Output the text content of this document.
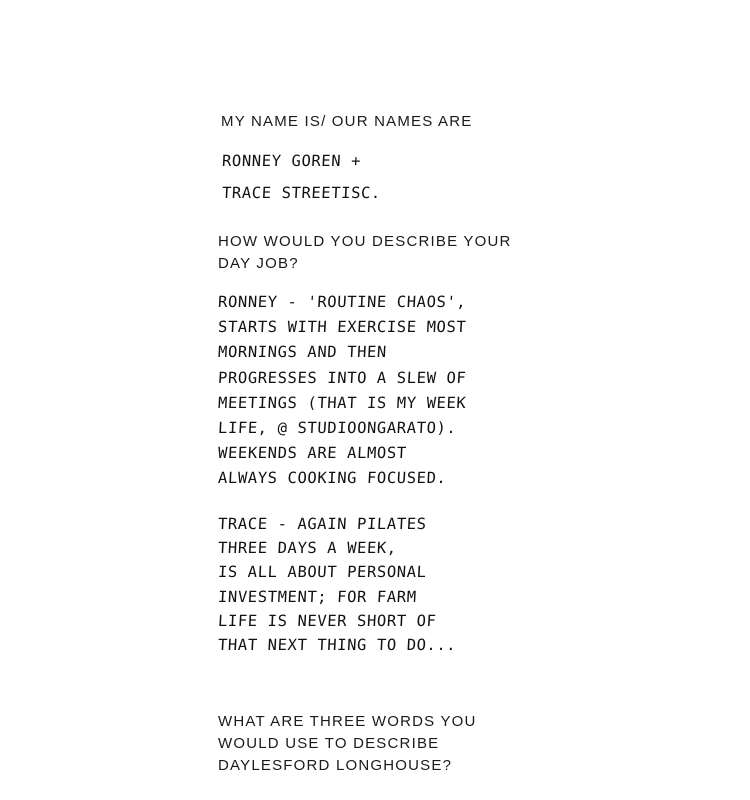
MY NAME IS/ OUR NAMES ARE
RONNEY GOREN +
TRACE STREETISC.
HOW WOULD YOU DESCRIBE YOUR DAY JOB?
RONNEY - 'ROUTINE CHAOS',
STARTS WITH EXERCISE MOST
MORNINGS AND THEN
PROGRESSES INTO A SLEW OF
MEETINGS (THAT IS MY WEEK
LIFE, @ STUDIOONGARATO).
WEEKENDS ARE ALMOST
ALWAYS COOKING FOCUSED.
TRACE - AGAIN PILATES
THREE DAYS A WEEK,
IS ALL ABOUT PERSONAL
INVESTMENT; FOR FARM
LIFE IS NEVER SHORT OF
THAT NEXT THING TO DO...
WHAT ARE THREE WORDS YOU WOULD USE TO DESCRIBE DAYLESFORD LONGHOUSE?
